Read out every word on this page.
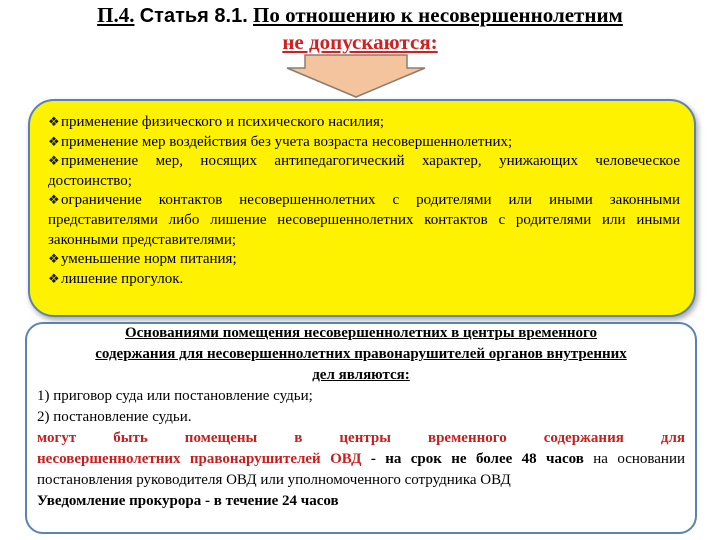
П.4. Статья 8.1. По отношению к несовершеннолетним
не допускаются:
❖применение физического и психического насилия;
❖применение мер воздействия без учета возраста несовершеннолетних;
❖применение мер, носящих антипедагогический характер, унижающих человеческое достоинство;
❖ограничение контактов несовершеннолетних с родителями или иными законными представителями либо лишение несовершеннолетних контактов с родителями или иными законными представителями;
❖уменьшение норм питания;
❖лишение прогулок.
Основаниями помещения несовершеннолетних в центры временного
содержания для несовершеннолетних правонарушителей органов внутренних
дел являются:

1) приговор суда или постановление судьи;

2) постановление судьи.

могут быть помещены в центры временного содержания для

несовершеннолетних правонарушителей ОВД - на срок не более 48 часов на основании постановления руководителя ОВД или уполномоченного сотрудника ОВД

Уведомление прокурора - в течение 24 часов
